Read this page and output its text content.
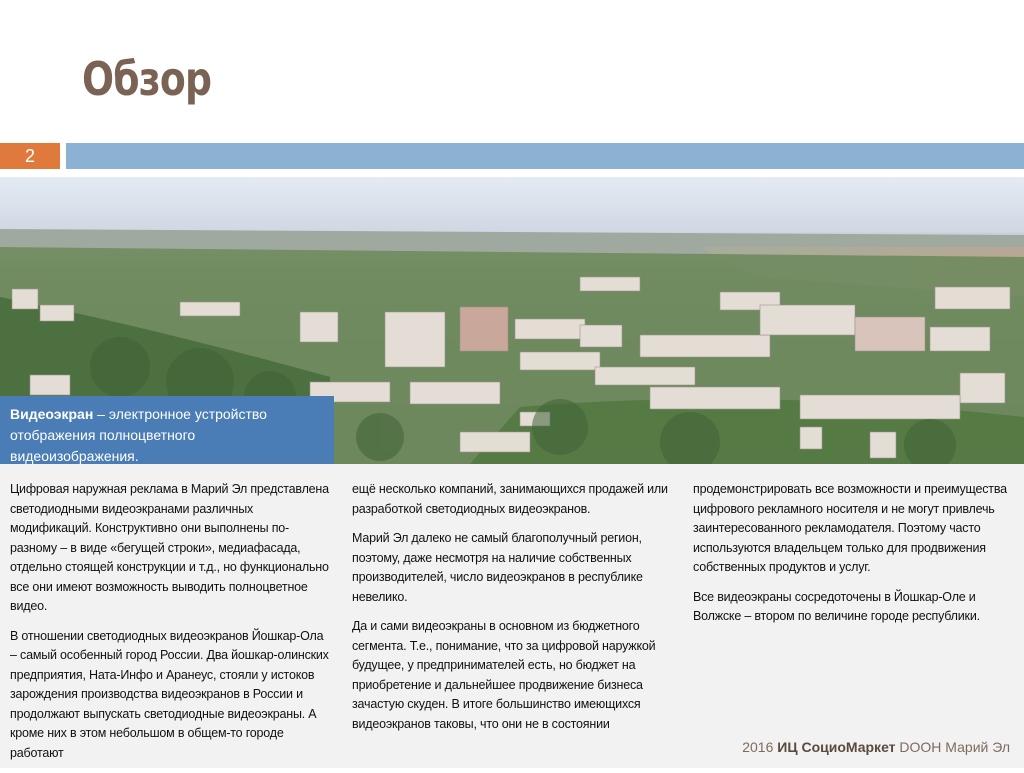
Обзор
2
Видеоэкран – электронное устройство отображения полноцветного видеоизображения.

Цифровая наружная реклама в Марий Эл представлена светодиодными видеоэкранами различных модификаций. Конструктивно они выполнены по-разному – в виде «бегущей строки», медиафасада, отдельно стоящей конструкции и т.д., но функционально все они имеют возможность выводить полноцветное видео.

В отношении светодиодных видеоэкранов Йошкар-Ола – самый особенный город России. Два йошкар-олинских предприятия, Ната-Инфо и Аранеус, стояли у истоков зарождения производства видеоэкранов в России и продолжают выпускать светодиодные видеоэкраны. А кроме них в этом небольшом в общем-то городе работают

ещё несколько компаний, занимающихся продажей или разработкой светодиодных видеоэкранов.

Марий Эл далеко не самый благополучный регион, поэтому, даже несмотря на наличие собственных производителей, число видеоэкранов в республике невелико.

Да и сами видеоэкраны в основном из бюджетного сегмента. Т.е., понимание, что за цифровой наружкой будущее, у предпринимателей есть, но бюджет на приобретение и дальнейшее продвижение бизнеса зачастую скуден. В итоге большинство имеющихся видеоэкранов таковы, что они не в состоянии

продемонстрировать все возможности и преимущества цифрового рекламного носителя и не могут привлечь заинтересованного рекламодателя. Поэтому часто используются владельцем только для продвижения собственных продуктов и услуг.

Все видеоэкраны сосредоточены в Йошкар-Оле и Волжске – втором по величине городе республики.

2016 ИЦ СоциоМаркет DOOH Марий Эл
